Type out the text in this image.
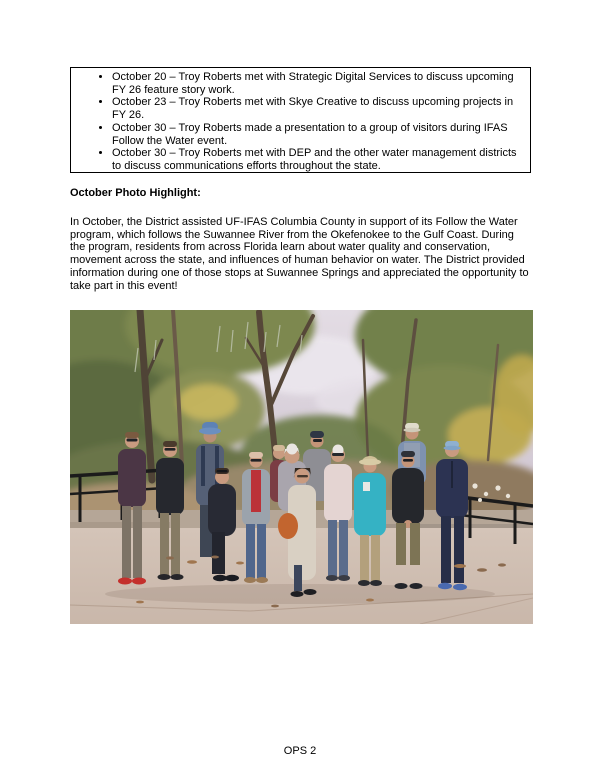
• October 20 – Troy Roberts met with Strategic Digital Services to discuss upcoming FY 26 feature story work.
• October 23 – Troy Roberts met with Skye Creative to discuss upcoming projects in FY 26.
• October 30 – Troy Roberts made a presentation to a group of visitors during IFAS Follow the Water event.
• October 30 – Troy Roberts met with DEP and the other water management districts to discuss communications efforts throughout the state.
October Photo Highlight:
In October, the District assisted UF-IFAS Columbia County in support of its Follow the Water program, which follows the Suwannee River from the Okefenokee to the Gulf Coast. During the program, residents from across Florida learn about water quality and conservation, movement across the state, and influences of human behavior on water. The District provided information during one of those stops at Suwannee Springs and appreciated the opportunity to take part in this event!
OPS 2
